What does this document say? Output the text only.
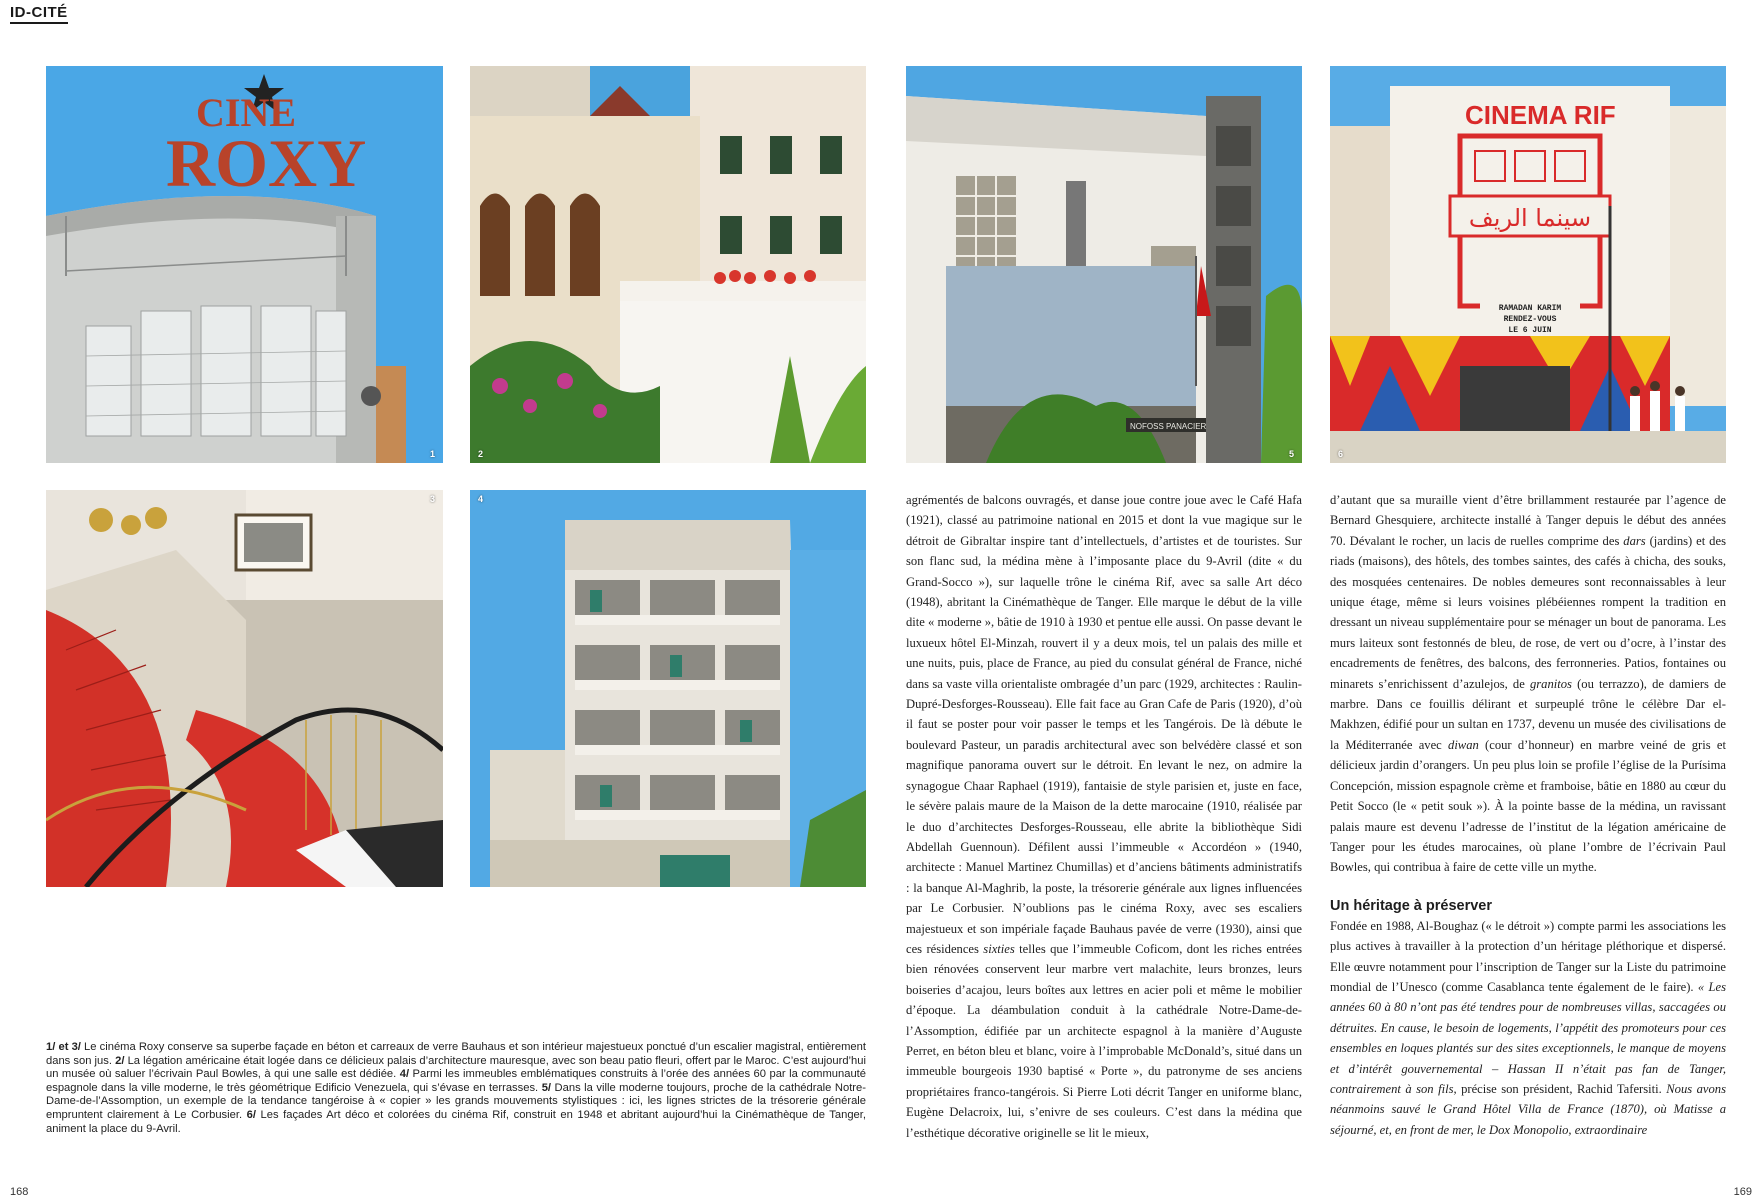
ID-CITÉ
CINE
ROXY
1	2
3	4
NOFOSS PANACIER
5
CINEMA RIF
سينما الريف
RAMADAN KARIM
RENDEZ-VOUS
LE 6 JUIN
6
1/ et 3/ Le cinéma Roxy conserve sa superbe façade en béton et carreaux de verre Bauhaus et son intérieur majestueux ponctué d’un escalier magistral, entièrement dans son jus. 2/ La légation américaine était logée dans ce délicieux palais d’architecture mauresque, avec son beau patio fleuri, offert par le Maroc. C’est aujourd’hui un musée où saluer l’écrivain Paul Bowles, à qui une salle est dédiée. 4/ Parmi les immeubles emblématiques construits à l’orée des années 60 par la communauté espagnole dans la ville moderne, le très géométrique Edificio Venezuela, qui s’évase en terrasses. 5/ Dans la ville moderne toujours, proche de la cathédrale Notre-Dame-de-l’Assomption, un exemple de la tendance tangéroise à « copier » les grands mouvements stylistiques : ici, les lignes strictes de la trésorerie générale empruntent clairement à Le Corbusier. 6/ Les façades Art déco et colorées du cinéma Rif, construit en 1948 et abritant aujourd’hui la Cinémathèque de Tanger, animent la place du 9-Avril.

agrémentés de balcons ouvragés, et danse joue contre joue avec le Café Hafa (1921), classé au patrimoine national en 2015 et dont la vue magique sur le détroit de Gibraltar inspire tant d’intellectuels, d’artistes et de touristes. Sur son flanc sud, la médina mène à l’imposante place du 9-Avril (dite « du Grand-Socco »), sur laquelle trône le cinéma Rif, avec sa salle Art déco (1948), abritant la Cinémathèque de Tanger. Elle marque le début de la ville dite « moderne », bâtie de 1910 à 1930 et pentue elle aussi. On passe devant le luxueux hôtel El-Minzah, rouvert il y a deux mois, tel un palais des mille et une nuits, puis, place de France, au pied du consulat général de France, niché dans sa vaste villa orientaliste ombragée d’un parc (1929, architectes : Raulin-Dupré-Desforges-Rousseau). Elle fait face au Gran Cafe de Paris (1920), d’où il faut se poster pour voir passer le temps et les Tangérois. De là débute le boulevard Pasteur, un paradis architectural avec son belvédère classé et son magnifique panorama ouvert sur le détroit. En levant le nez, on admire la synagogue Chaar Raphael (1919), fantaisie de style parisien et, juste en face, le sévère palais maure de la Maison de la dette marocaine (1910, réalisée par le duo d’architectes Desforges-Rousseau, elle abrite la bibliothèque Sidi Abdellah Guennoun). Défilent aussi l’immeuble « Accordéon » (1940, architecte : Manuel Martinez Chumillas) et d’anciens bâtiments administratifs : la banque Al-Maghrib, la poste, la trésorerie générale aux lignes influencées par Le Corbusier. N’oublions pas le cinéma Roxy, avec ses escaliers majestueux et son impériale façade Bauhaus pavée de verre (1930), ainsi que ces résidences sixties telles que l’immeuble Coficom, dont les riches entrées bien rénovées conservent leur marbre vert malachite, leurs bronzes, leurs boiseries d’acajou, leurs boîtes aux lettres en acier poli et même le mobilier d’époque. La déambulation conduit à la cathédrale Notre-Dame-de-l’Assomption, édifiée par un architecte espagnol à la manière d’Auguste Perret, en béton bleu et blanc, voire à l’improbable McDonald’s, situé dans un immeuble bourgeois 1930 baptisé « Porte », du patronyme de ses anciens propriétaires franco-tangérois. Si Pierre Loti décrit Tanger en uniforme blanc, Eugène Delacroix, lui, s’enivre de ses couleurs. C’est dans la médina que l’esthétique décorative originelle se lit le mieux,

d’autant que sa muraille vient d’être brillamment restaurée par l’agence de Bernard Ghesquiere, architecte installé à Tanger depuis le début des années 70. Dévalant le rocher, un lacis de ruelles comprime des dars (jardins) et des riads (maisons), des hôtels, des tombes saintes, des cafés à chicha, des souks, des mosquées centenaires. De nobles demeures sont reconnaissables à leur unique étage, même si leurs voisines plébéiennes rompent la tradition en dressant un niveau supplémentaire pour se ménager un bout de panorama. Les murs laiteux sont festonnés de bleu, de rose, de vert ou d’ocre, à l’instar des encadrements de fenêtres, des balcons, des ferronneries. Patios, fontaines ou minarets s’enrichissent d’azulejos, de granitos (ou terrazzo), de damiers de marbre. Dans ce fouillis délirant et surpeuplé trône le célèbre Dar el-Makhzen, édifié pour un sultan en 1737, devenu un musée des civilisations de la Méditerranée avec diwan (cour d’honneur) en marbre veiné de gris et délicieux jardin d’orangers. Un peu plus loin se profile l’église de la Purísima Concepción, mission espagnole crème et framboise, bâtie en 1880 au cœur du Petit Socco (le « petit souk »). À la pointe basse de la médina, un ravissant palais maure est devenu l’adresse de l’institut de la légation américaine de Tanger pour les études marocaines, où plane l’ombre de l’écrivain Paul Bowles, qui contribua à faire de cette ville un mythe.

Un héritage à préserver

Fondée en 1988, Al-Boughaz (« le détroit ») compte parmi les associations les plus actives à travailler à la protection d’un héritage pléthorique et dispersé. Elle œuvre notamment pour l’inscription de Tanger sur la Liste du patrimoine mondial de l’Unesco (comme Casablanca tente également de le faire). « Les années 60 à 80 n’ont pas été tendres pour de nombreuses villas, saccagées ou détruites. En cause, le besoin de logements, l’appétit des promoteurs pour ces ensembles en loques plantés sur des sites exceptionnels, le manque de moyens et d’intérêt gouvernemental – Hassan II n’était pas fan de Tanger, contrairement à son fils, précise son président, Rachid Tafersiti. Nous avons néanmoins sauvé le Grand Hôtel Villa de France (1870), où Matisse a séjourné, et, en front de mer, le Dox Monopolio, extraordinaire

168	169
